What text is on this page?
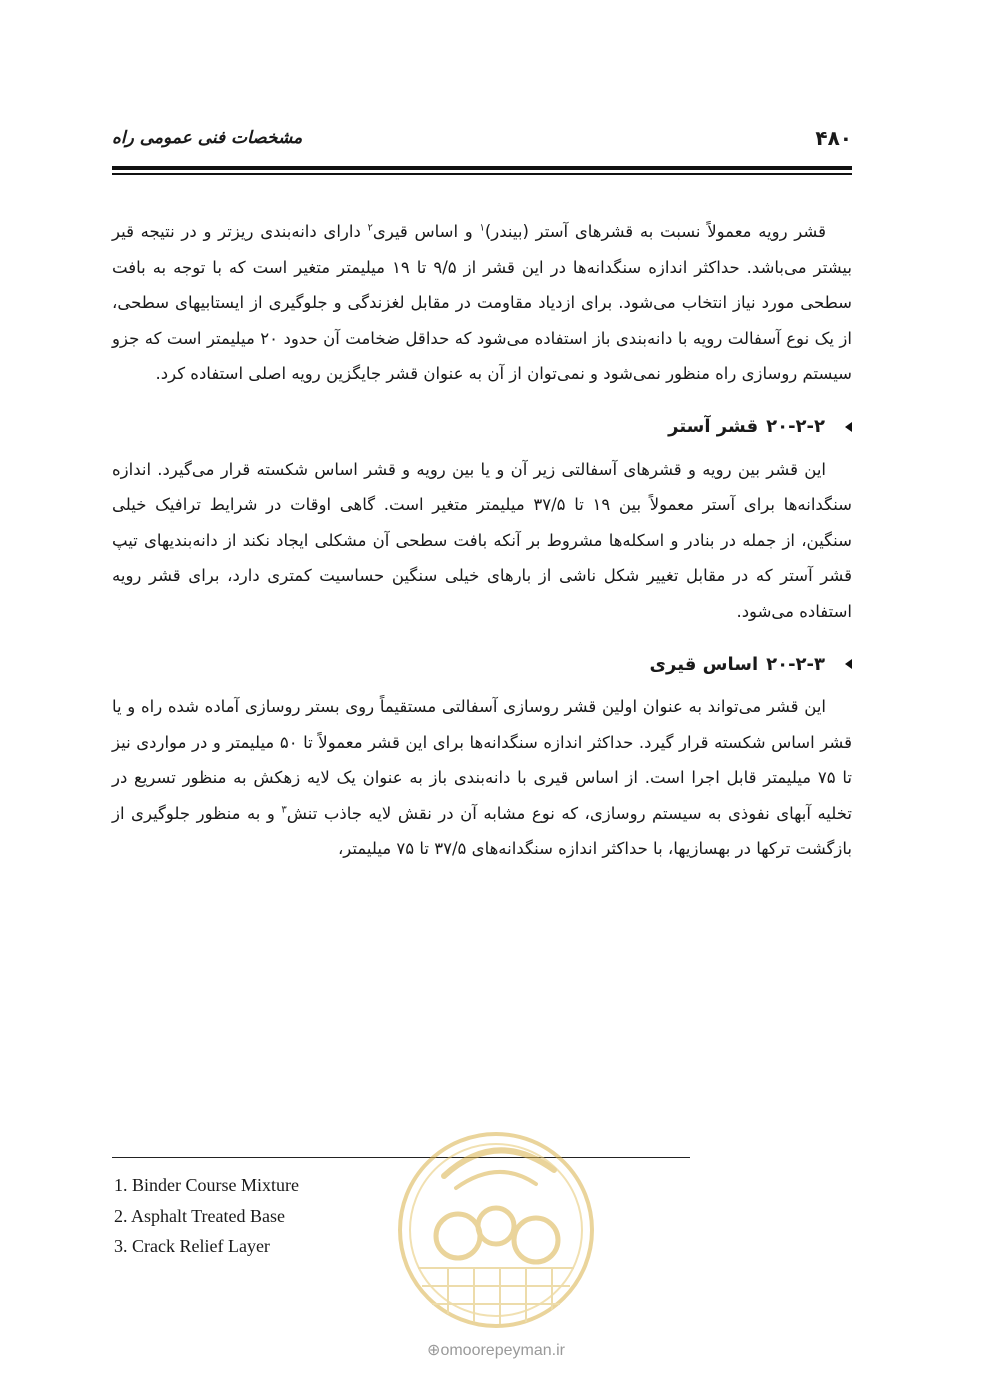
۴۸۰
مشخصات فنی عمومی راه

قشر رویه معمولاً نسبت به قشرهای آستر (بیندر)$^۱$ و اساس قیری$^۲$ دارای دانه‌بندی ریزتر و در نتیجه قیر بیشتر می‌باشد. حداکثر اندازه سنگدانه‌ها در این قشر از ۹/۵ تا ۱۹ میلیمتر متغیر است که با توجه به بافت سطحی مورد نیاز انتخاب می‌شود. برای ازدیاد مقاومت در مقابل لغزندگی و جلوگیری از ایستابیهای سطحی، از یک نوع آسفالت رویه با دانه‌بندی باز استفاده می‌شود که حداقل ضخامت آن حدود ۲۰ میلیمتر است که جزو سیستم روسازی راه منظور نمی‌شود و نمی‌توان از آن به عنوان قشر جایگزین رویه اصلی استفاده کرد.

۲۰-۲-۲
قشر آستر

این قشر بین رویه و قشرهای آسفالتی زیر آن و یا بین رویه و قشر اساس شکسته قرار می‌گیرد. اندازه سنگدانه‌ها برای آستر معمولاً بین ۱۹ تا ۳۷/۵ میلیمتر متغیر است. گاهی اوقات در شرایط ترافیک خیلی سنگین، از جمله در بنادر و اسکله‌ها مشروط بر آنکه بافت سطحی آن مشکلی ایجاد نکند از دانه‌بندیهای تیپ قشر آستر که در مقابل تغییر شکل ناشی از بارهای خیلی سنگین حساسیت کمتری دارد، برای قشر رویه استفاده می‌شود.

۲۰-۲-۳
اساس قیری

این قشر می‌تواند به عنوان اولین قشر روسازی آسفالتی مستقیماً روی بستر روسازی آماده شده راه و یا قشر اساس شکسته قرار گیرد. حداکثر اندازه سنگدانه‌ها برای این قشر معمولاً تا ۵۰ میلیمتر و در مواردی نیز تا ۷۵ میلیمتر قابل اجرا است. از اساس قیری با دانه‌بندی باز به عنوان یک لایه زهکش به منظور تسریع در تخلیه آبهای نفوذی به سیستم روسازی، که نوع مشابه آن در نقش لایه جاذب تنش$^۳$ و به منظور جلوگیری از بازگشت ترکها در بهسازیها، با حداکثر اندازه سنگدانه‌های ۳۷/۵ تا ۷۵ میلیمتر،

1. Binder Course Mixture

2. Asphalt Treated Base

3. Crack Relief Layer

⊕omoorepeyman.ir
